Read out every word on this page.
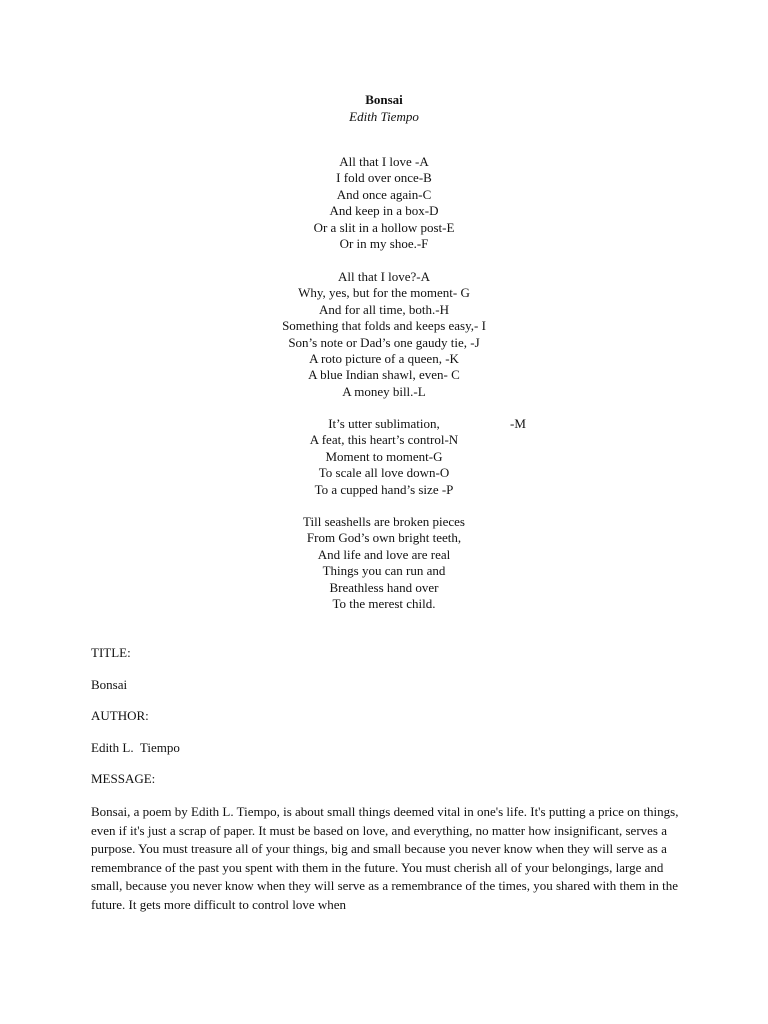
Bonsai
Edith Tiempo
All that I love -A
I fold over once-B
And once again-C
And keep in a box-D
Or a slit in a hollow post-E
Or in my shoe.-F
All that I love?-A
Why, yes, but for the moment- G
And for all time, both.-H
Something that folds and keeps easy,- I
Son’s note or Dad’s one gaudy tie, -J
A roto picture of a queen, -K
A blue Indian shawl, even- C
A money bill.-L
It’s utter sublimation,	-M
A feat, this heart’s control-N
Moment to moment-G
To scale all love down-O
To a cupped hand’s size -P
Till seashells are broken pieces
From God’s own bright teeth,
And life and love are real
Things you can run and
Breathless hand over
To the merest child.
TITLE:
Bonsai
AUTHOR:
Edith L.  Tiempo
MESSAGE:
Bonsai, a poem by Edith L. Tiempo, is about small things deemed vital in one's life. It's putting a price on things, even if it's just a scrap of paper. It must be based on love, and everything, no matter how insignificant, serves a purpose. You must treasure all of your things, big and small because you never know when they will serve as a remembrance of the past you spent with them in the future. You must cherish all of your belongings, large and small, because you never know when they will serve as a remembrance of the times, you shared with them in the future. It gets more difficult to control love when
